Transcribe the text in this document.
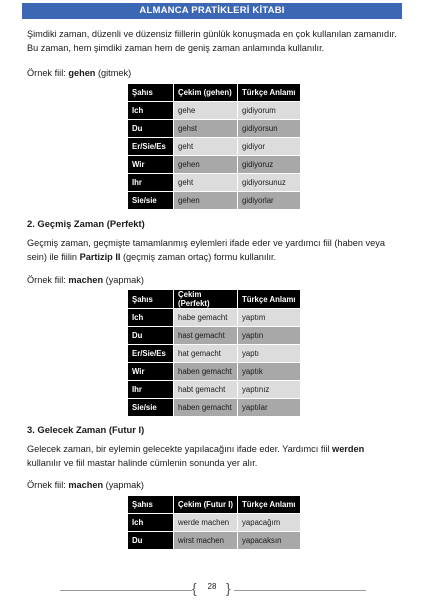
ALMANCA PRATİKLERİ KİTABI
Şimdiki zaman, düzenli ve düzensiz fiillerin günlük konuşmada en çok kullanılan zamanıdır. Bu zaman, hem şimdiki zaman hem de geniş zaman anlamında kullanılır.
Örnek fiil: gehen (gitmek)
Şahıs	Çekim (gehen)	Türkçe Anlamı
Ich	gehe	gidiyorum
Du	gehst	gidiyorsun
Er/Sie/Es	geht	gidiyor
Wir	gehen	gidiyoruz
Ihr	geht	gidiyorsunuz
Sie/sie	gehen	gidiyorlar
2. Geçmiş Zaman (Perfekt)
Geçmiş zaman, geçmişte tamamlanmış eylemleri ifade eder ve yardımcı fiil (haben veya sein) ile fiilin Partizip II (geçmiş zaman ortaç) formu kullanılır.
Örnek fiil: machen (yapmak)
Şahıs	Çekim (Perfekt)	Türkçe Anlamı
Ich	habe gemacht	yaptım
Du	hast gemacht	yaptın
Er/Sie/Es	hat gemacht	yaptı
Wir	haben gemacht	yaptık
Ihr	habt gemacht	yaptınız
Sie/sie	haben gemacht	yaptılar
3. Gelecek Zaman (Futur I)
Gelecek zaman, bir eylemin gelecekte yapılacağını ifade eder. Yardımcı fiil werden kullanılır ve fiil mastar halinde cümlenin sonunda yer alır.
Örnek fiil: machen (yapmak)
Şahıs	Çekim (Futur I)	Türkçe Anlamı
Ich	werde machen	yapacağım
Du	wirst machen	yapacaksın
{	28 }
